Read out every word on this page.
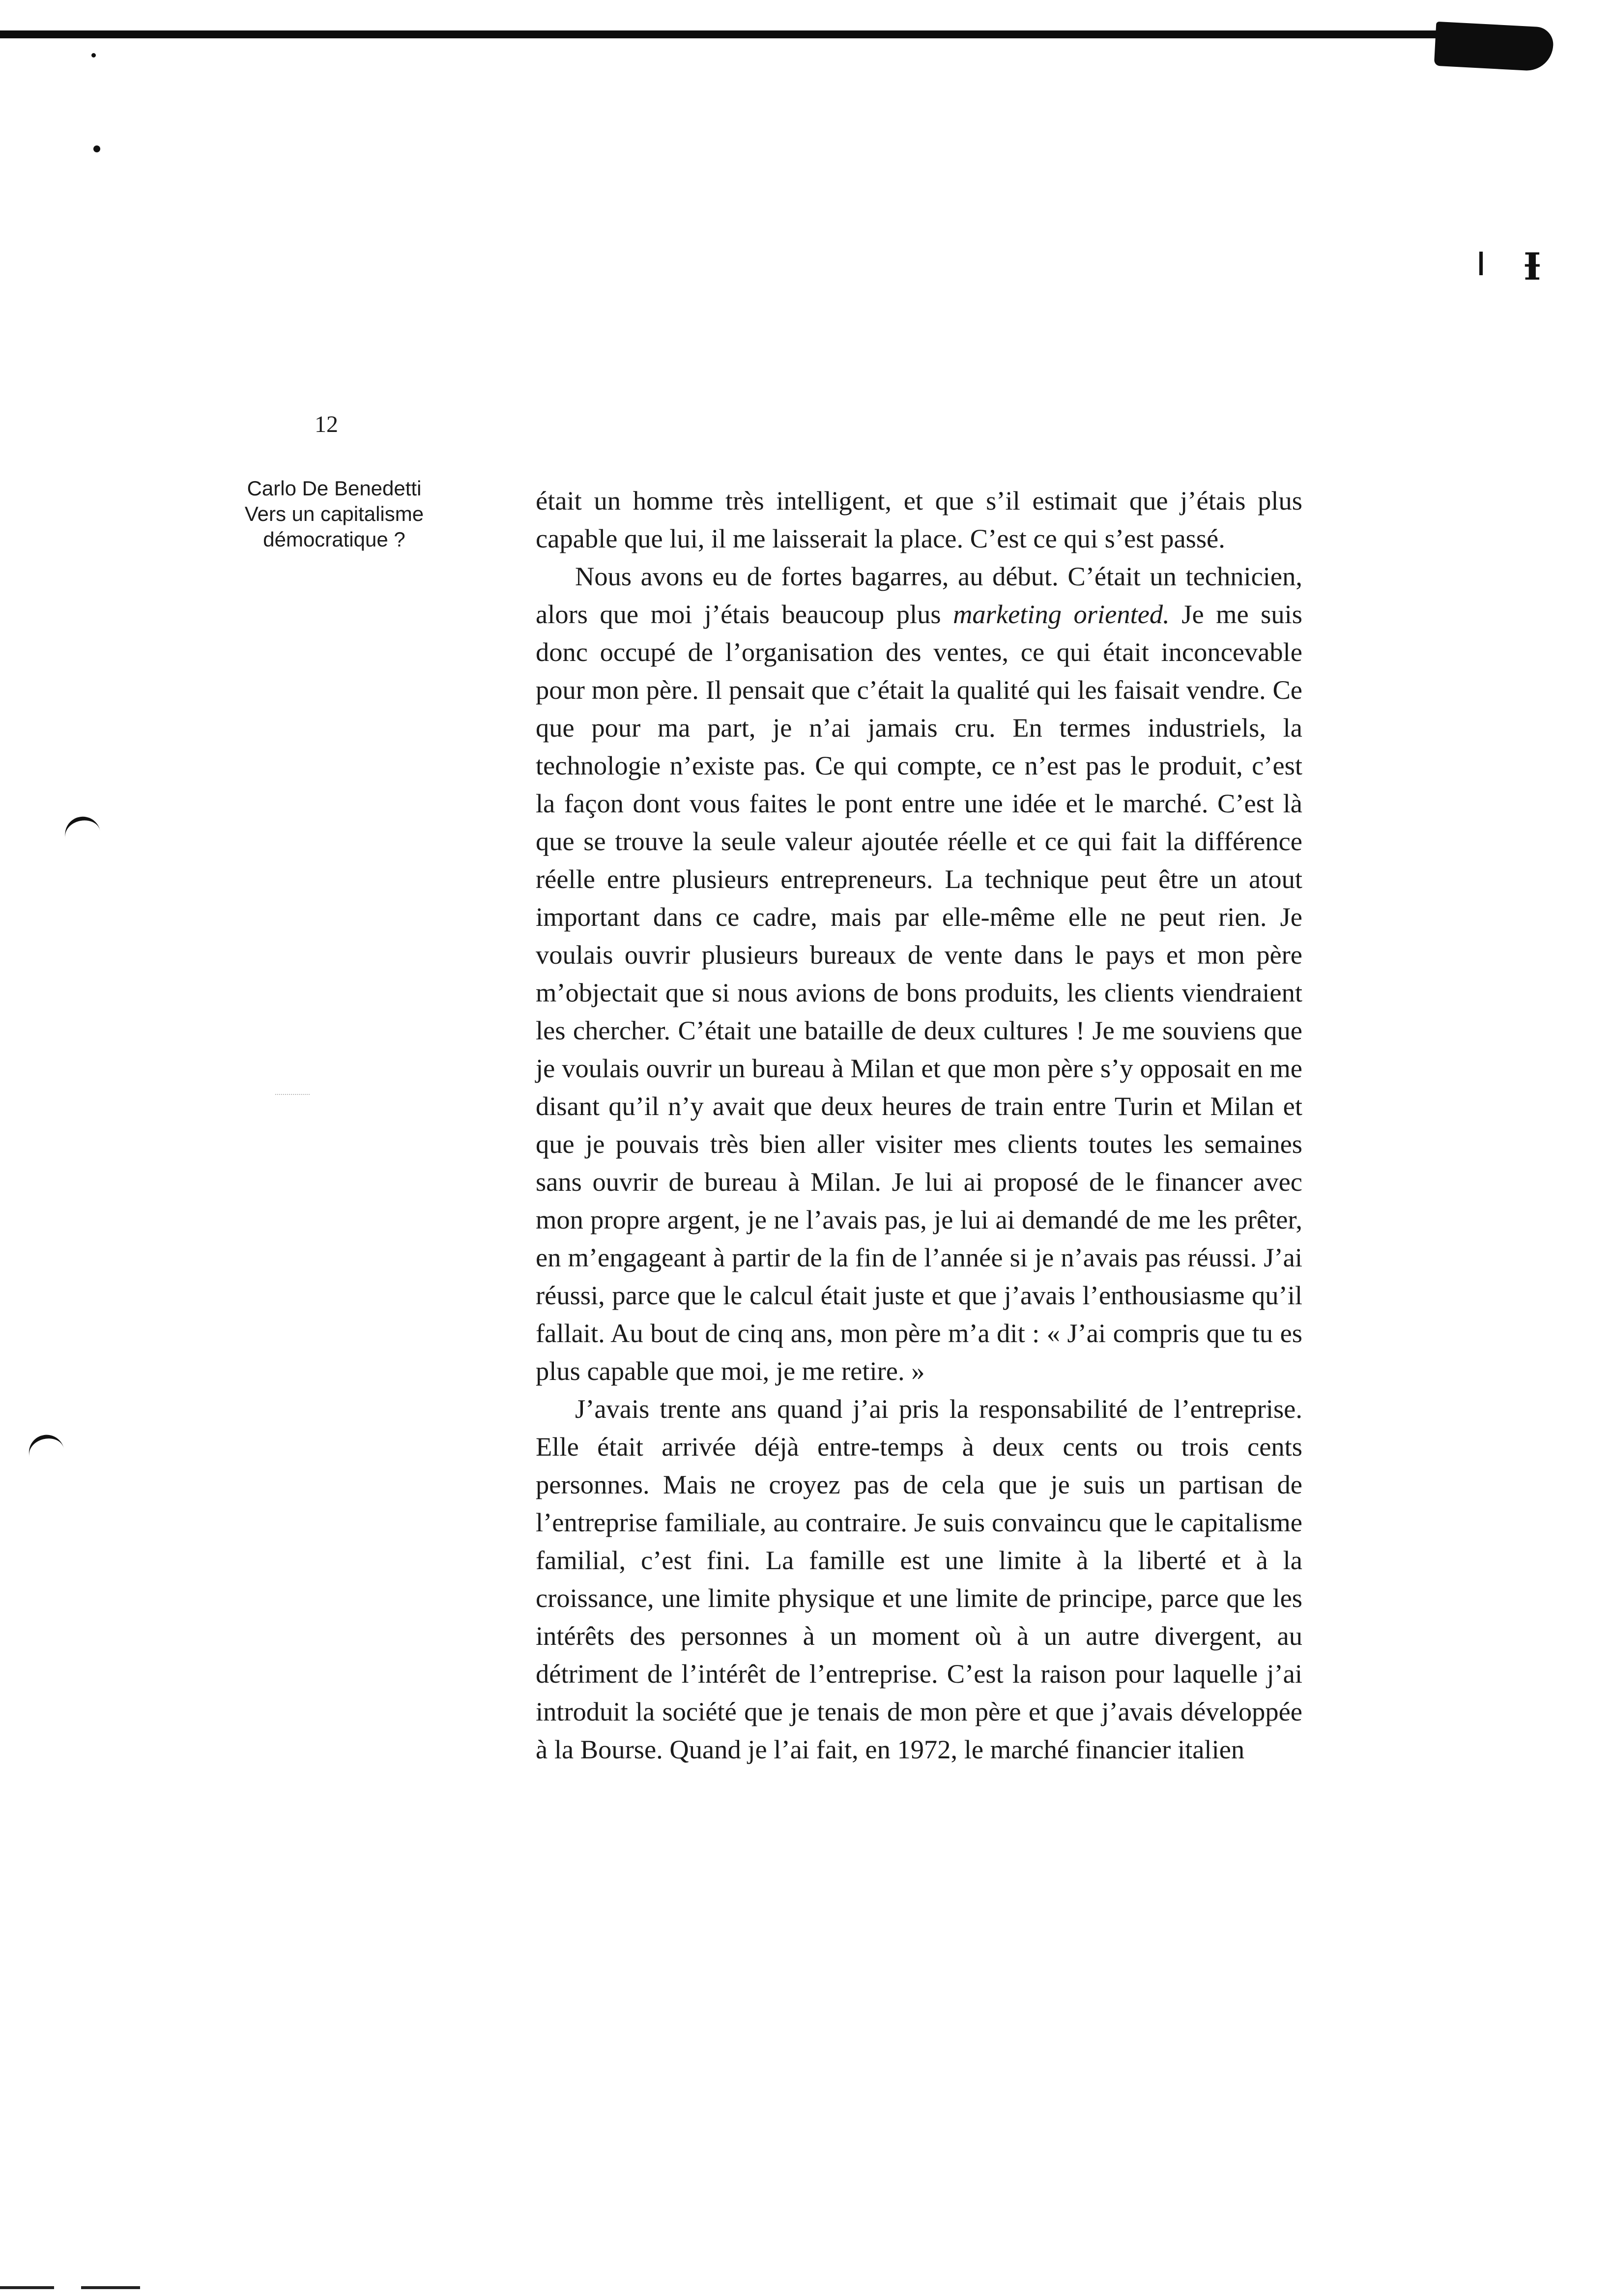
Ɨ
12
Carlo De Benedetti
Vers un capitalisme
démocratique ?

était un homme très intelligent, et que s’il estimait que j’étais plus capable que lui, il me laisserait la place. C’est ce qui s’est passé.

Nous avons eu de fortes bagarres, au début. C’était un technicien, alors que moi j’étais beaucoup plus marketing oriented. Je me suis donc occupé de l’organisation des ventes, ce qui était inconcevable pour mon père. Il pensait que c’était la qualité qui les faisait vendre. Ce que pour ma part, je n’ai jamais cru. En termes industriels, la technologie n’existe pas. Ce qui compte, ce n’est pas le produit, c’est la façon dont vous faites le pont entre une idée et le marché. C’est là que se trouve la seule valeur ajoutée réelle et ce qui fait la différence réelle entre plusieurs entrepreneurs. La technique peut être un atout important dans ce cadre, mais par elle-même elle ne peut rien. Je voulais ouvrir plusieurs bureaux de vente dans le pays et mon père m’objectait que si nous avions de bons produits, les clients viendraient les chercher. C’était une bataille de deux cultures ! Je me souviens que je voulais ouvrir un bureau à Milan et que mon père s’y opposait en me disant qu’il n’y avait que deux heures de train entre Turin et Milan et que je pouvais très bien aller visiter mes clients toutes les semaines sans ouvrir de bureau à Milan. Je lui ai proposé de le financer avec mon propre argent, je ne l’avais pas, je lui ai demandé de me les prêter, en m’engageant à partir de la fin de l’année si je n’avais pas réussi. J’ai réussi, parce que le calcul était juste et que j’avais l’enthousiasme qu’il fallait. Au bout de cinq ans, mon père m’a dit : « J’ai compris que tu es plus capable que moi, je me retire. »

J’avais trente ans quand j’ai pris la responsabilité de l’entreprise. Elle était arrivée déjà entre-temps à deux cents ou trois cents personnes. Mais ne croyez pas de cela que je suis un partisan de l’entreprise familiale, au contraire. Je suis convaincu que le capitalisme familial, c’est fini. La famille est une limite à la liberté et à la croissance, une limite physique et une limite de principe, parce que les intérêts des personnes à un moment où à un autre divergent, au détriment de l’intérêt de l’entreprise. C’est la raison pour laquelle j’ai introduit la société que je tenais de mon père et que j’avais développée à la Bourse. Quand je l’ai fait, en 1972, le marché financier italien
